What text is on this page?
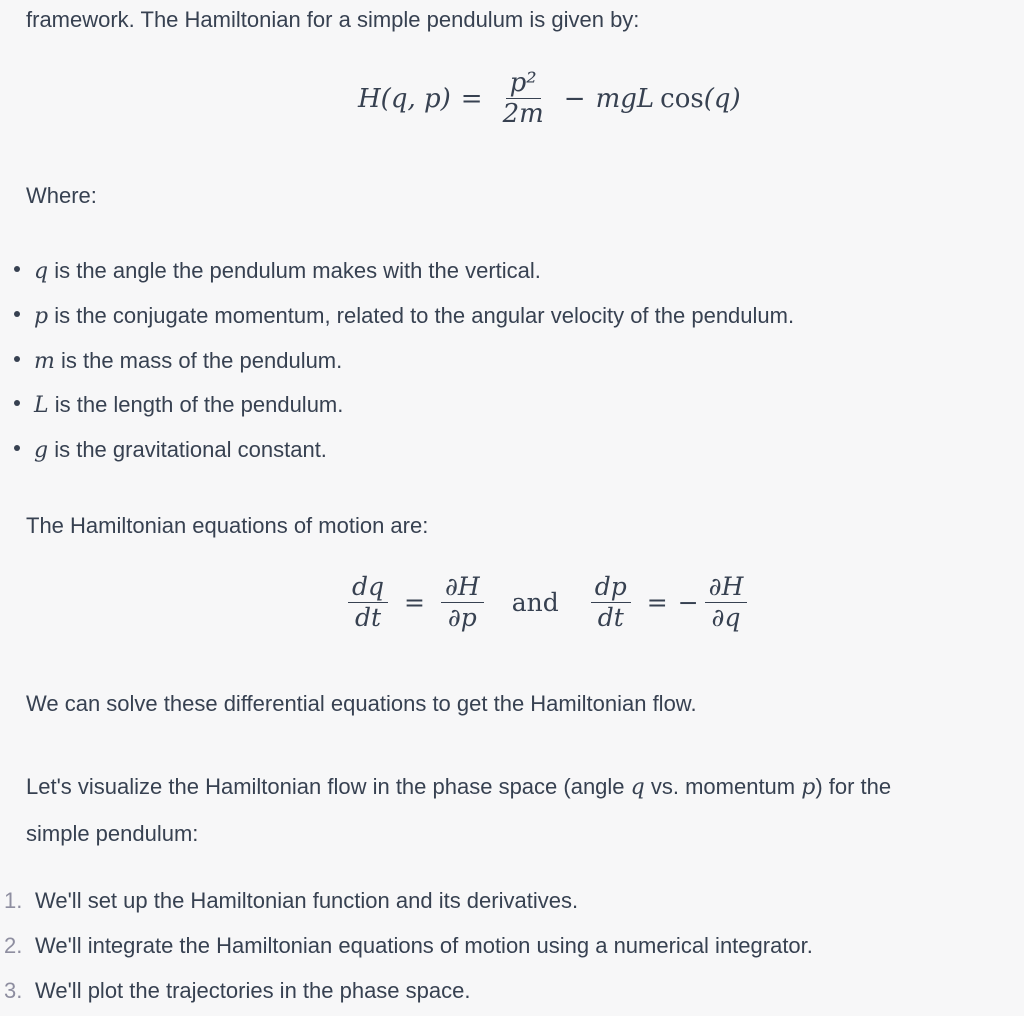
framework. The Hamiltonian for a simple pendulum is given by:

H(q, $p) = \frac{\text{p²}}{2m}$ − mgL cos (q)

Where:

q is the angle the pendulum makes with the vertical.
p is the conjugate momentum, related to the angular velocity of the pendulum.
m is the mass of the pendulum.
L is the length of the pendulum.
g is the gravitational constant.

The Hamiltonian equations of motion are:

$\frac{dq}{dt} = \frac{\partial H}{\partial p}$ and $\frac{dp}{dt}$ = − $\frac{\partial H}{\partial q}$

We can solve these differential equations to get the Hamiltonian flow.

Let's visualize the Hamiltonian flow in the phase space (angle q vs. momentum p) for the
simple pendulum:

1. We'll set up the Hamiltonian function and its derivatives.
2. We'll integrate the Hamiltonian equations of motion using a numerical integrator.
3. We'll plot the trajectories in the phase space.
